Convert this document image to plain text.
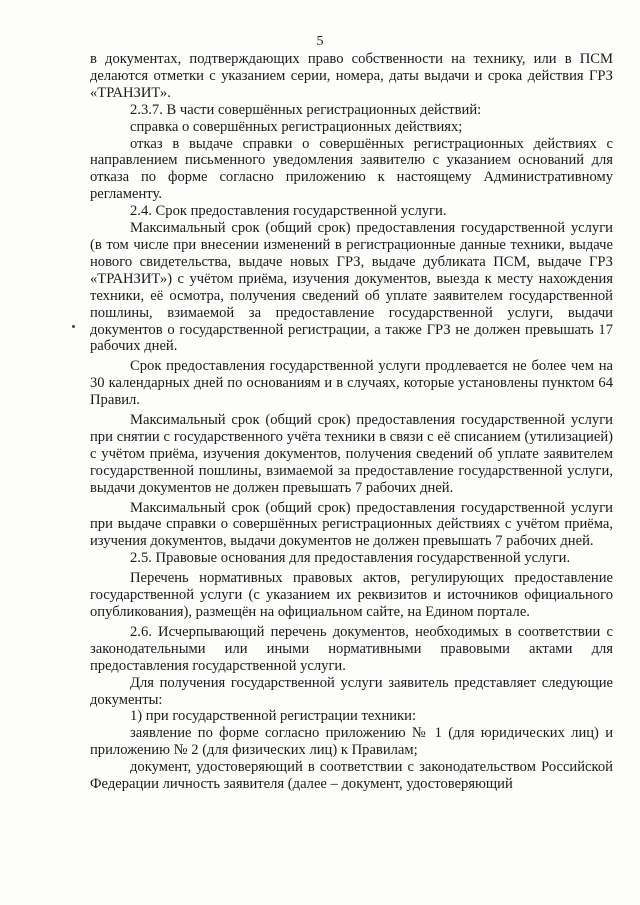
5

в документах, подтверждающих право собственности на технику, или в ПСМ делаются отметки с указанием серии, номера, даты выдачи и срока действия ГРЗ «ТРАНЗИТ».

2.3.7. В части совершённых регистрационных действий:

справка о совершённых регистрационных действиях;

отказ в выдаче справки о совершённых регистрационных действиях с направлением письменного уведомления заявителю с указанием оснований для отказа по форме согласно приложению к настоящему Административному регламенту.

2.4. Срок предоставления государственной услуги.

Максимальный срок (общий срок) предоставления государственной услуги (в том числе при внесении изменений в регистрационные данные техники, выдаче нового свидетельства, выдаче новых ГРЗ, выдаче дубликата ПСМ, выдаче ГРЗ «ТРАНЗИТ») с учётом приёма, изучения документов, выезда к месту нахождения техники, её осмотра, получения сведений об уплате заявителем государственной пошлины, взимаемой за предоставление государственной услуги, выдачи документов о государственной регистрации, а также ГРЗ не должен превышать 17 рабочих дней.

Срок предоставления государственной услуги продлевается не более чем на 30 календарных дней по основаниям и в случаях, которые установлены пунктом 64 Правил.

Максимальный срок (общий срок) предоставления государственной услуги при снятии с государственного учёта техники в связи с её списанием (утилизацией) с учётом приёма, изучения документов, получения сведений об уплате заявителем государственной пошлины, взимаемой за предоставление государственной услуги, выдачи документов не должен превышать 7 рабочих дней.

Максимальный срок (общий срок) предоставления государственной услуги при выдаче справки о совершённых регистрационных действиях с учётом приёма, изучения документов, выдачи документов не должен превышать 7 рабочих дней.

2.5. Правовые основания для предоставления государственной услуги.

Перечень нормативных правовых актов, регулирующих предоставление государственной услуги (с указанием их реквизитов и источников официального опубликования), размещён на официальном сайте, на Едином портале.

2.6. Исчерпывающий перечень документов, необходимых в соответствии с законодательными или иными нормативными правовыми актами для предоставления государственной услуги.

Для получения государственной услуги заявитель представляет следующие документы:

1) при государственной регистрации техники:

заявление по форме согласно приложению № 1 (для юридических лиц) и приложению № 2 (для физических лиц) к Правилам;

документ, удостоверяющий в соответствии с законодательством Российской Федерации личность заявителя (далее – документ, удостоверяющий
